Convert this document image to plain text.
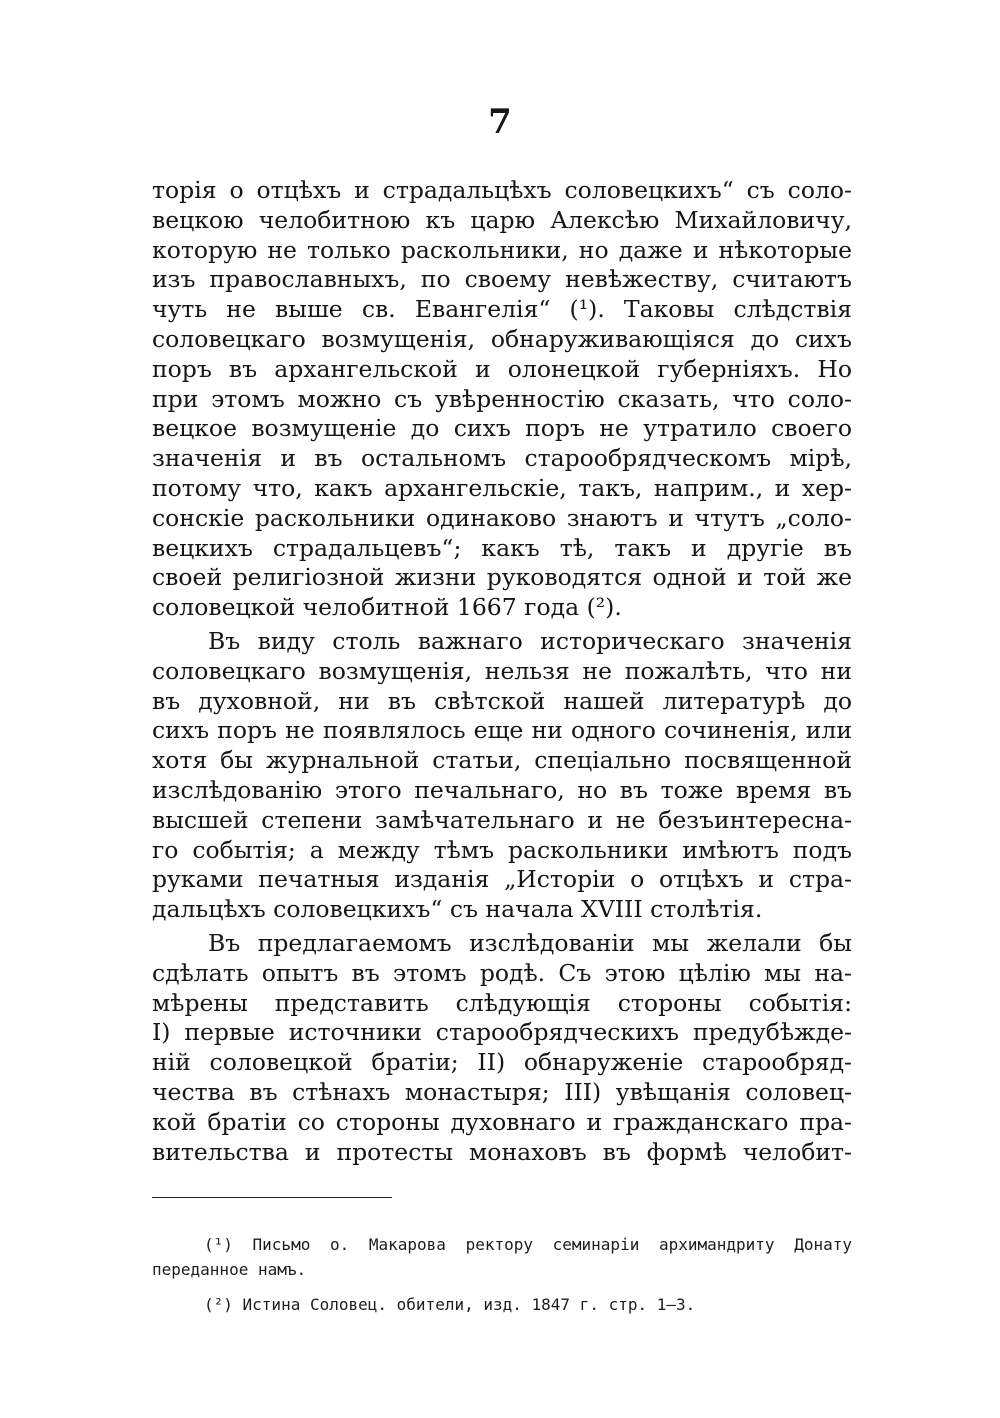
7
торія о отцѣхъ и страдальцѣхъ соловецкихъ“ съ соло-
вецкою челобитною къ царю Алексѣю Михайловичу,
которую не только раскольники, но даже и нѣкоторые
изъ православныхъ, по своему невѣжеству, считаютъ
чуть не выше св. Евангелія“ (¹). Таковы слѣдствія
соловецкаго возмущенія, обнаруживающіяся до сихъ
поръ въ архангельской и олонецкой губерніяхъ. Но
при этомъ можно съ увѣренностію сказать, что соло-
вецкое возмущеніе до сихъ поръ не утратило своего
значенія и въ остальномъ старообрядческомъ мірѣ,
потому что, какъ архангельскіе, такъ, наприм., и хер-
сонскіе раскольники одинаково знаютъ и чтутъ „соло-
вецкихъ страдальцевъ“; какъ тѣ, такъ и другіе въ
своей религіозной жизни руководятся одной и той же
соловецкой челобитной 1667 года (²).
Въ виду столь важнаго историческаго значенія
соловецкаго возмущенія, нельзя не пожалѣть, что ни
въ духовной, ни въ свѣтской нашей литературѣ до
сихъ поръ не появлялось еще ни одного сочиненія, или
хотя бы журнальной статьи, спеціально посвященной
изслѣдованію этого печальнаго, но въ тоже время въ
высшей степени замѣчательнаго и не безъинтересна-
го событія; а между тѣмъ раскольники имѣютъ подъ
руками печатныя изданія „Исторіи о отцѣхъ и стра-
дальцѣхъ соловецкихъ“ съ начала XVIII столѣтія.
Въ предлагаемомъ изслѣдованіи мы желали бы
сдѣлать опытъ въ этомъ родѣ. Съ этою цѣлію мы на-
мѣрены представить слѣдующія стороны событія:
I) первые источники старообрядческихъ предубѣжде-
ній соловецкой братіи; II) обнаруженіе старообряд-
чества въ стѣнахъ монастыря; III) увѣщанія соловец-
кой братіи со стороны духовнаго и гражданскаго пра-
вительства и протесты монаховъ въ формѣ челобит-
(¹) Письмо о. Макарова ректору семинаріи архимандриту Донату
переданное намъ.
(²) Истина Соловец. обители, изд. 1847 г. стр. 1—3.
